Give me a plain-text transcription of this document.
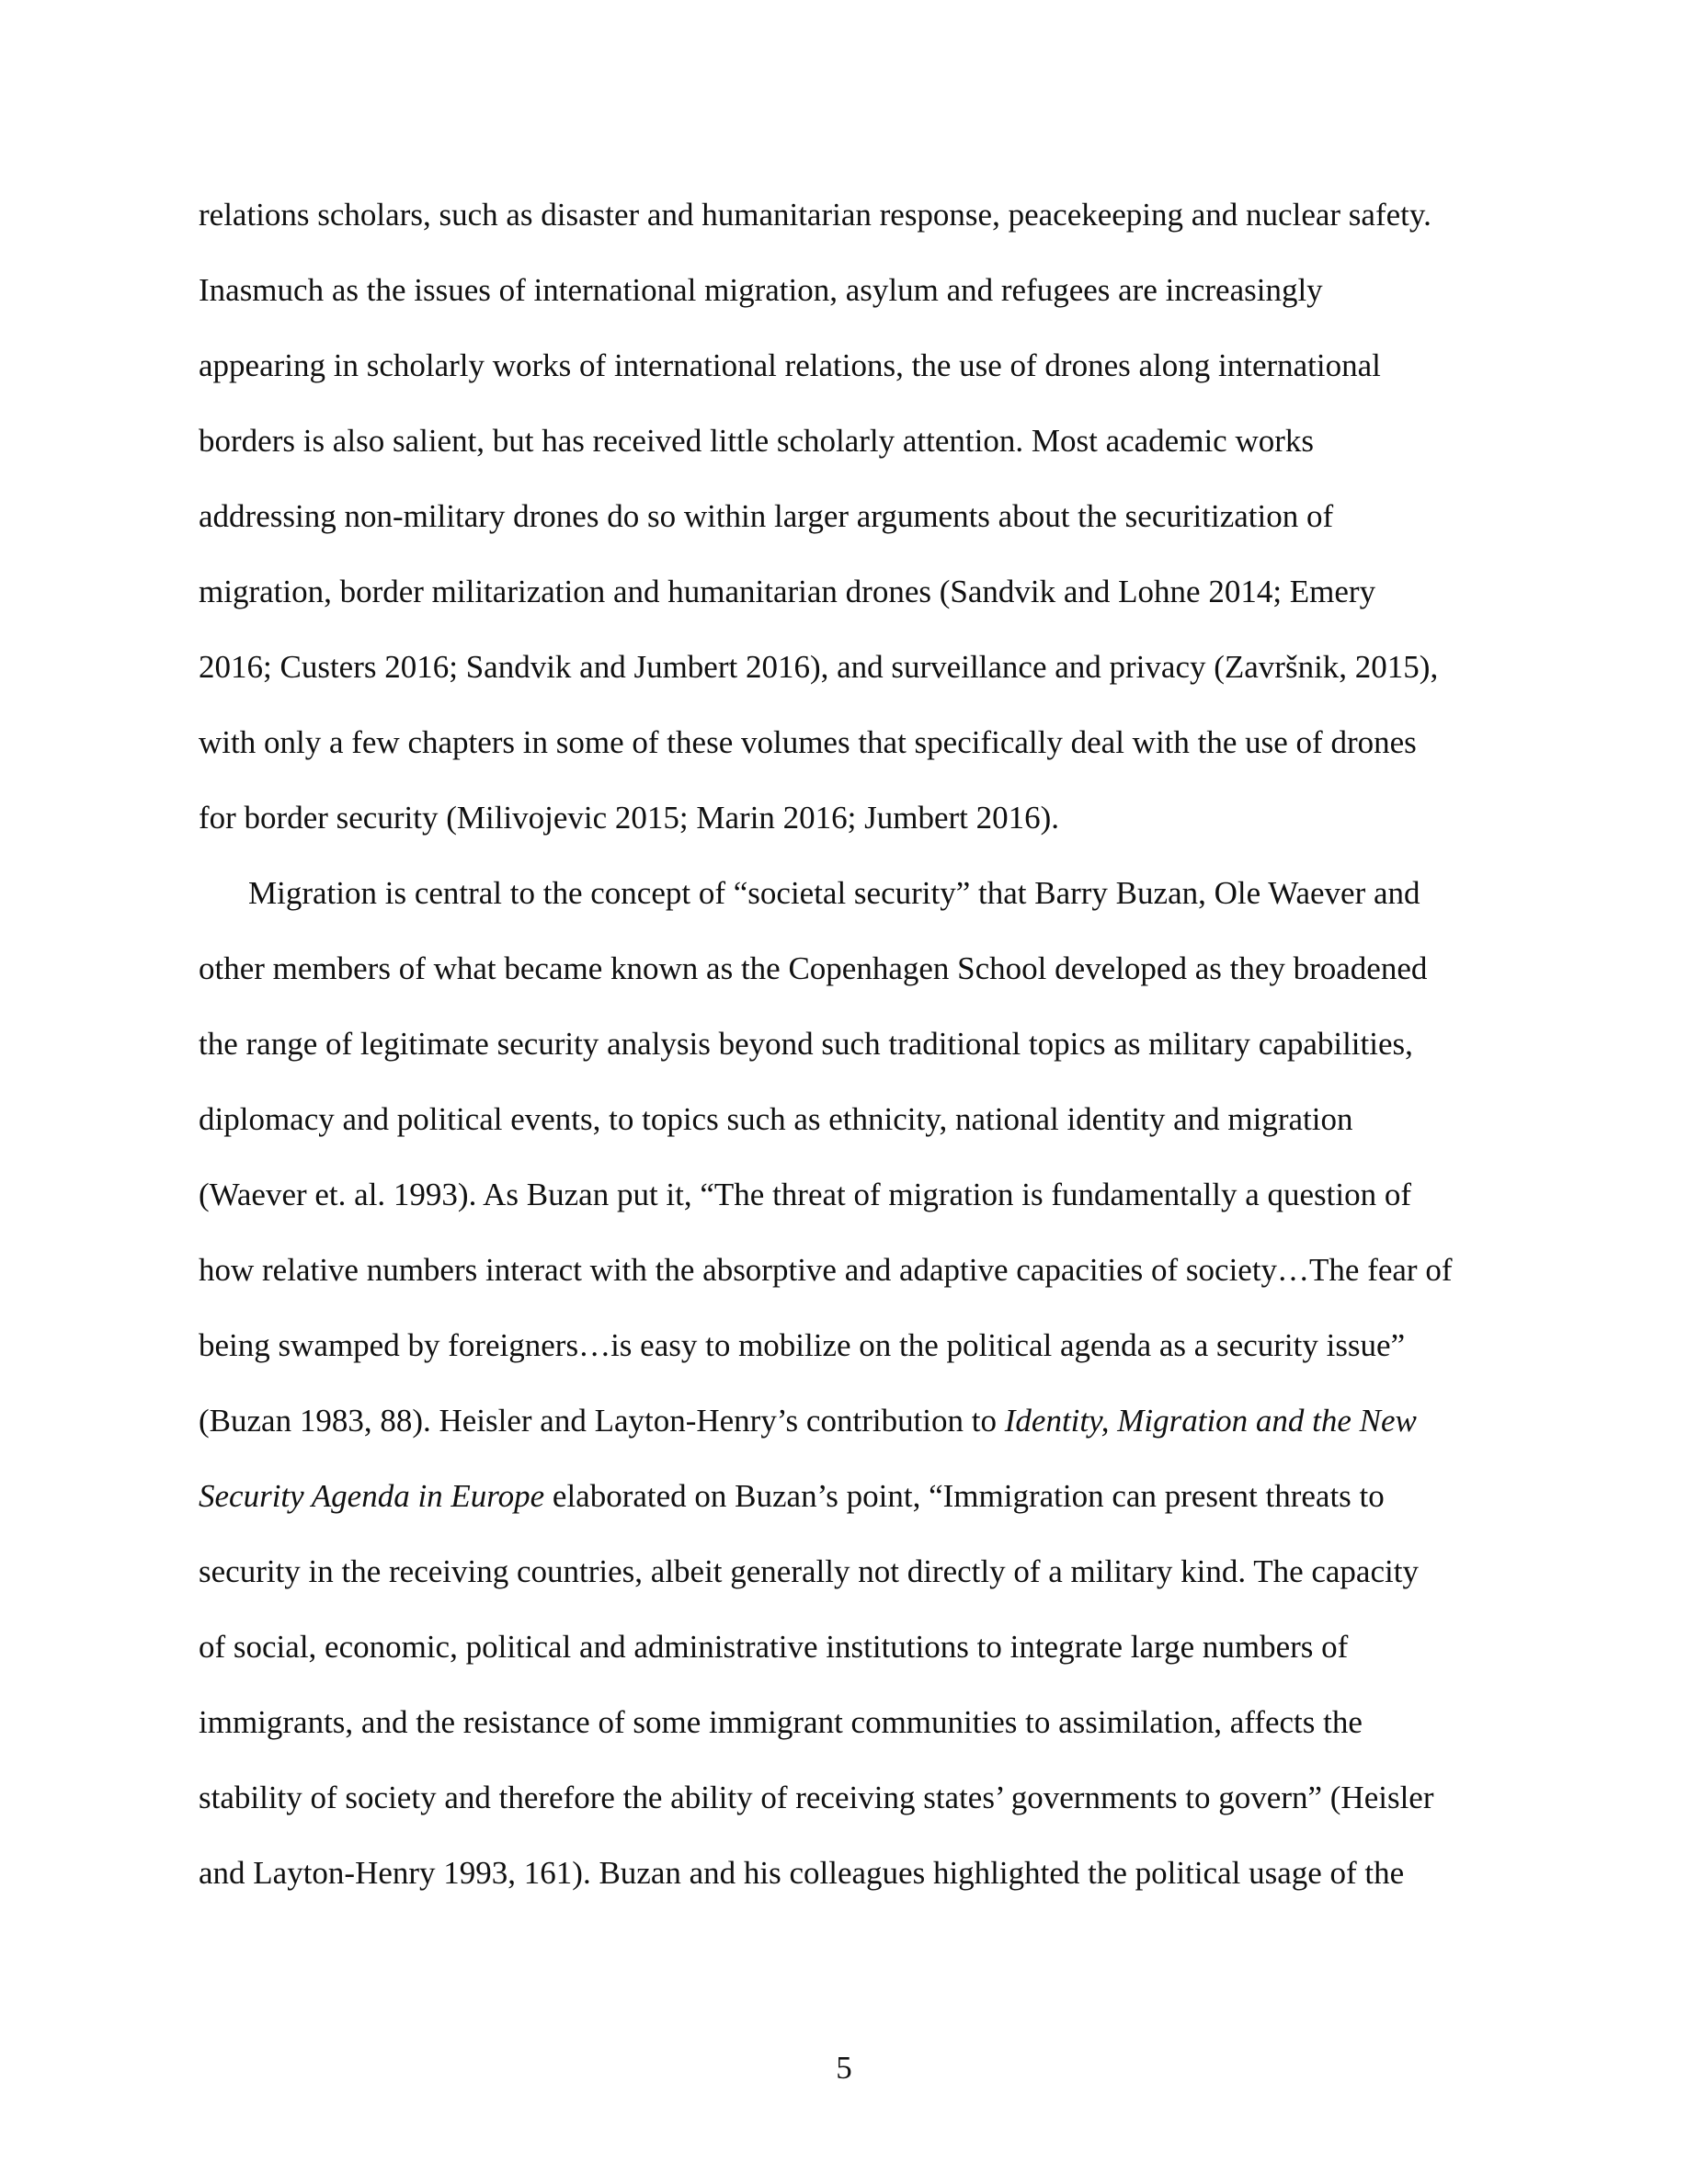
relations scholars, such as disaster and humanitarian response, peacekeeping and nuclear safety.
Inasmuch as the issues of international migration, asylum and refugees are increasingly
appearing in scholarly works of international relations, the use of drones along international
borders is also salient, but has received little scholarly attention. Most academic works
addressing non-military drones do so within larger arguments about the securitization of
migration, border militarization and humanitarian drones (Sandvik and Lohne 2014; Emery
2016; Custers 2016; Sandvik and Jumbert 2016), and surveillance and privacy (Završnik, 2015),
with only a few chapters in some of these volumes that specifically deal with the use of drones
for border security (Milivojevic 2015; Marin 2016; Jumbert 2016).
Migration is central to the concept of “societal security” that Barry Buzan, Ole Waever and
other members of what became known as the Copenhagen School developed as they broadened
the range of legitimate security analysis beyond such traditional topics as military capabilities,
diplomacy and political events, to topics such as ethnicity, national identity and migration
(Waever et. al. 1993). As Buzan put it, “The threat of migration is fundamentally a question of
how relative numbers interact with the absorptive and adaptive capacities of society…The fear of
being swamped by foreigners…is easy to mobilize on the political agenda as a security issue”
(Buzan 1983, 88). Heisler and Layton-Henry’s contribution to Identity, Migration and the New
Security Agenda in Europe elaborated on Buzan’s point, “Immigration can present threats to
security in the receiving countries, albeit generally not directly of a military kind. The capacity
of social, economic, political and administrative institutions to integrate large numbers of
immigrants, and the resistance of some immigrant communities to assimilation, affects the
stability of society and therefore the ability of receiving states’ governments to govern” (Heisler
and Layton-Henry 1993, 161). Buzan and his colleagues highlighted the political usage of the
5
